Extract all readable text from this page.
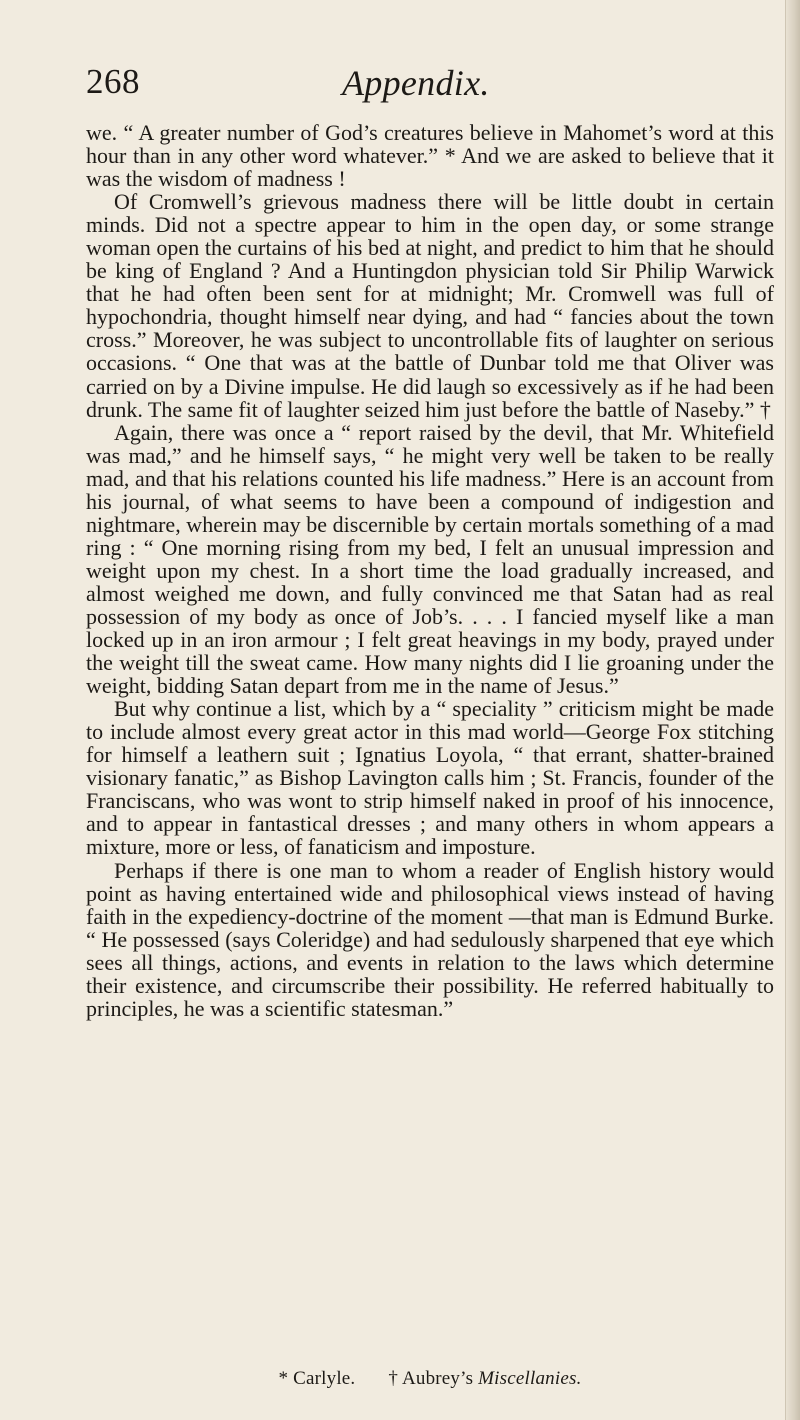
268	Appendix.

we. “ A greater number of God’s creatures believe in Mahomet’s word at this hour than in any other word whatever.” * And we are asked to believe that it was the wisdom of madness !

Of Cromwell’s grievous madness there will be little doubt in certain minds. Did not a spectre appear to him in the open day, or some strange woman open the curtains of his bed at night, and predict to him that he should be king of England ? And a Huntingdon physician told Sir Philip Warwick that he had often been sent for at midnight; Mr. Cromwell was full of hypochondria, thought himself near dying, and had “ fancies about the town cross.” Moreover, he was subject to uncontrollable fits of laughter on serious occasions. “ One that was at the battle of Dunbar told me that Oliver was carried on by a Divine impulse. He did laugh so excessively as if he had been drunk. The same fit of laughter seized him just before the battle of Naseby.” †

Again, there was once a “ report raised by the devil, that Mr. Whitefield was mad,” and he himself says, “ he might very well be taken to be really mad, and that his relations counted his life madness.” Here is an account from his journal, of what seems to have been a compound of indigestion and nightmare, wherein may be discernible by certain mortals something of a mad ring : “ One morning rising from my bed, I felt an unusual impression and weight upon my chest. In a short time the load gradually increased, and almost weighed me down, and fully convinced me that Satan had as real possession of my body as once of Job’s. . . . I fancied myself like a man locked up in an iron armour ; I felt great heavings in my body, prayed under the weight till the sweat came. How many nights did I lie groaning under the weight, bidding Satan depart from me in the name of Jesus.”

But why continue a list, which by a “ speciality ” criticism might be made to include almost every great actor in this mad world—George Fox stitching for himself a leathern suit ; Ignatius Loyola, “ that errant, shatter-brained visionary fanatic,” as Bishop Lavington calls him ; St. Francis, founder of the Franciscans, who was wont to strip himself naked in proof of his innocence, and to appear in fantastical dresses ; and many others in whom appears a mixture, more or less, of fanaticism and imposture.

Perhaps if there is one man to whom a reader of English history would point as having entertained wide and philosophical views instead of having faith in the expediency-doctrine of the moment —that man is Edmund Burke. “ He possessed (says Coleridge) and had sedulously sharpened that eye which sees all things, actions, and events in relation to the laws which determine their existence, and circumscribe their possibility. He referred habitually to principles, he was a scientific statesman.”

* Carlyle. † Aubrey’s Miscellanies.
